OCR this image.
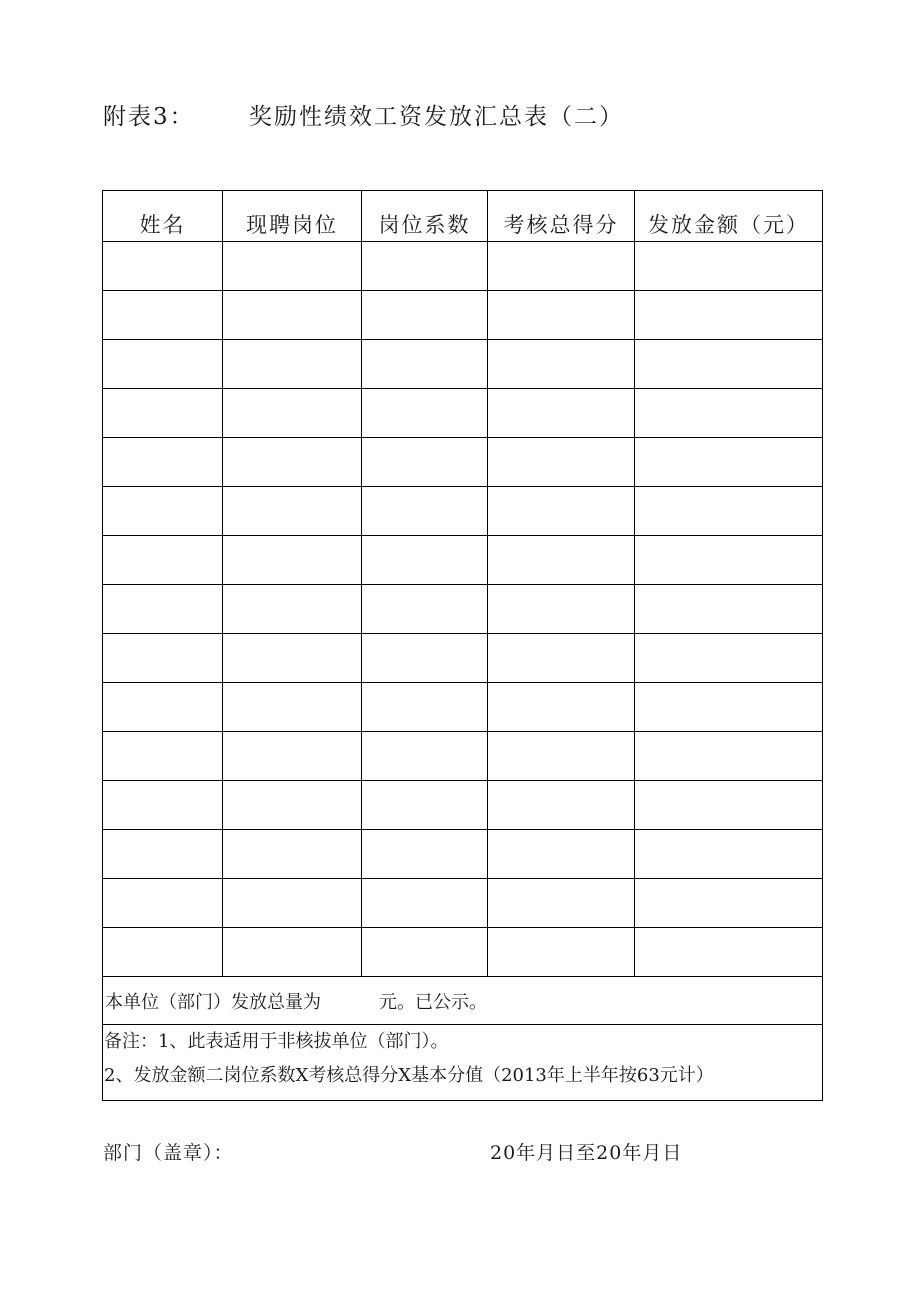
附表3： 奖励性绩效工资发放汇总表（二）
姓名	现聘岗位	岗位系数	考核总得分	发放金额（元）

本单位（部门）发放总量为 元。已公示。				

备注：1、此表适用于非核拔单位（部门）。
2、发放金额二岗位系数X考核总得分X基本分值（2013年上半年按63元计）				
部门（盖章）：	20年月日至20年月日
